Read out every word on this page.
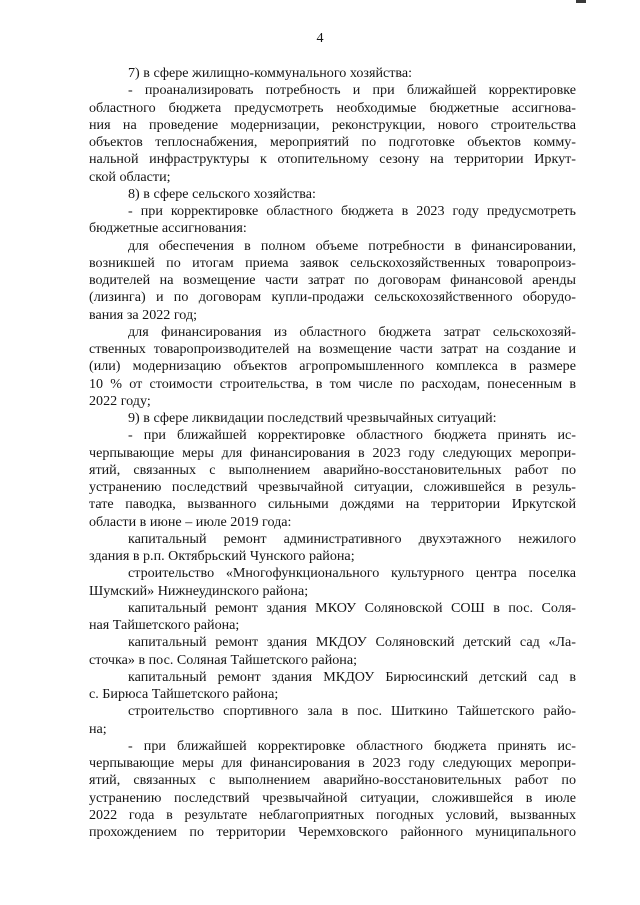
4
7) в сфере жилищно-коммунального хозяйства:
- проанализировать потребность и при ближайшей корректировке
областного бюджета предусмотреть необходимые бюджетные ассигнова-
ния на проведение модернизации, реконструкции, нового строительства
объектов теплоснабжения, мероприятий по подготовке объектов комму-
нальной инфраструктуры к отопительному сезону на территории Иркут-
ской области;
8) в сфере сельского хозяйства:
- при корректировке областного бюджета в 2023 году предусмотреть
бюджетные ассигнования:
для обеспечения в полном объеме потребности в финансировании,
возникшей по итогам приема заявок сельскохозяйственных товаропроиз-
водителей на возмещение части затрат по договорам финансовой аренды
(лизинга) и по договорам купли-продажи сельскохозяйственного оборудо-
вания за 2022 год;
для финансирования из областного бюджета затрат сельскохозяй-
ственных товаропроизводителей на возмещение части затрат на создание и
(или) модернизацию объектов агропромышленного комплекса в размере
10 % от стоимости строительства, в том числе по расходам, понесенным в
2022 году;
9) в сфере ликвидации последствий чрезвычайных ситуаций:
- при ближайшей корректировке областного бюджета принять ис-
черпывающие меры для финансирования в 2023 году следующих меропри-
ятий, связанных с выполнением аварийно-восстановительных работ по
устранению последствий чрезвычайной ситуации, сложившейся в резуль-
тате паводка, вызванного сильными дождями на территории Иркутской
области в июне – июле 2019 года:
капитальный ремонт административного двухэтажного нежилого
здания в р.п. Октябрьский Чунского района;
строительство «Многофункционального культурного центра поселка
Шумский» Нижнеудинского района;
капитальный ремонт здания МКОУ Соляновской СОШ в пос. Соля-
ная Тайшетского района;
капитальный ремонт здания МКДОУ Соляновский детский сад «Ла-
сточка» в пос. Соляная Тайшетского района;
капитальный ремонт здания МКДОУ Бирюсинский детский сад в
с. Бирюса Тайшетского района;
строительство спортивного зала в пос. Шиткино Тайшетского райо-
на;
- при ближайшей корректировке областного бюджета принять ис-
черпывающие меры для финансирования в 2023 году следующих меропри-
ятий, связанных с выполнением аварийно-восстановительных работ по
устранению последствий чрезвычайной ситуации, сложившейся в июле
2022 года в результате неблагоприятных погодных условий, вызванных
прохождением по территории Черемховского районного муниципального
